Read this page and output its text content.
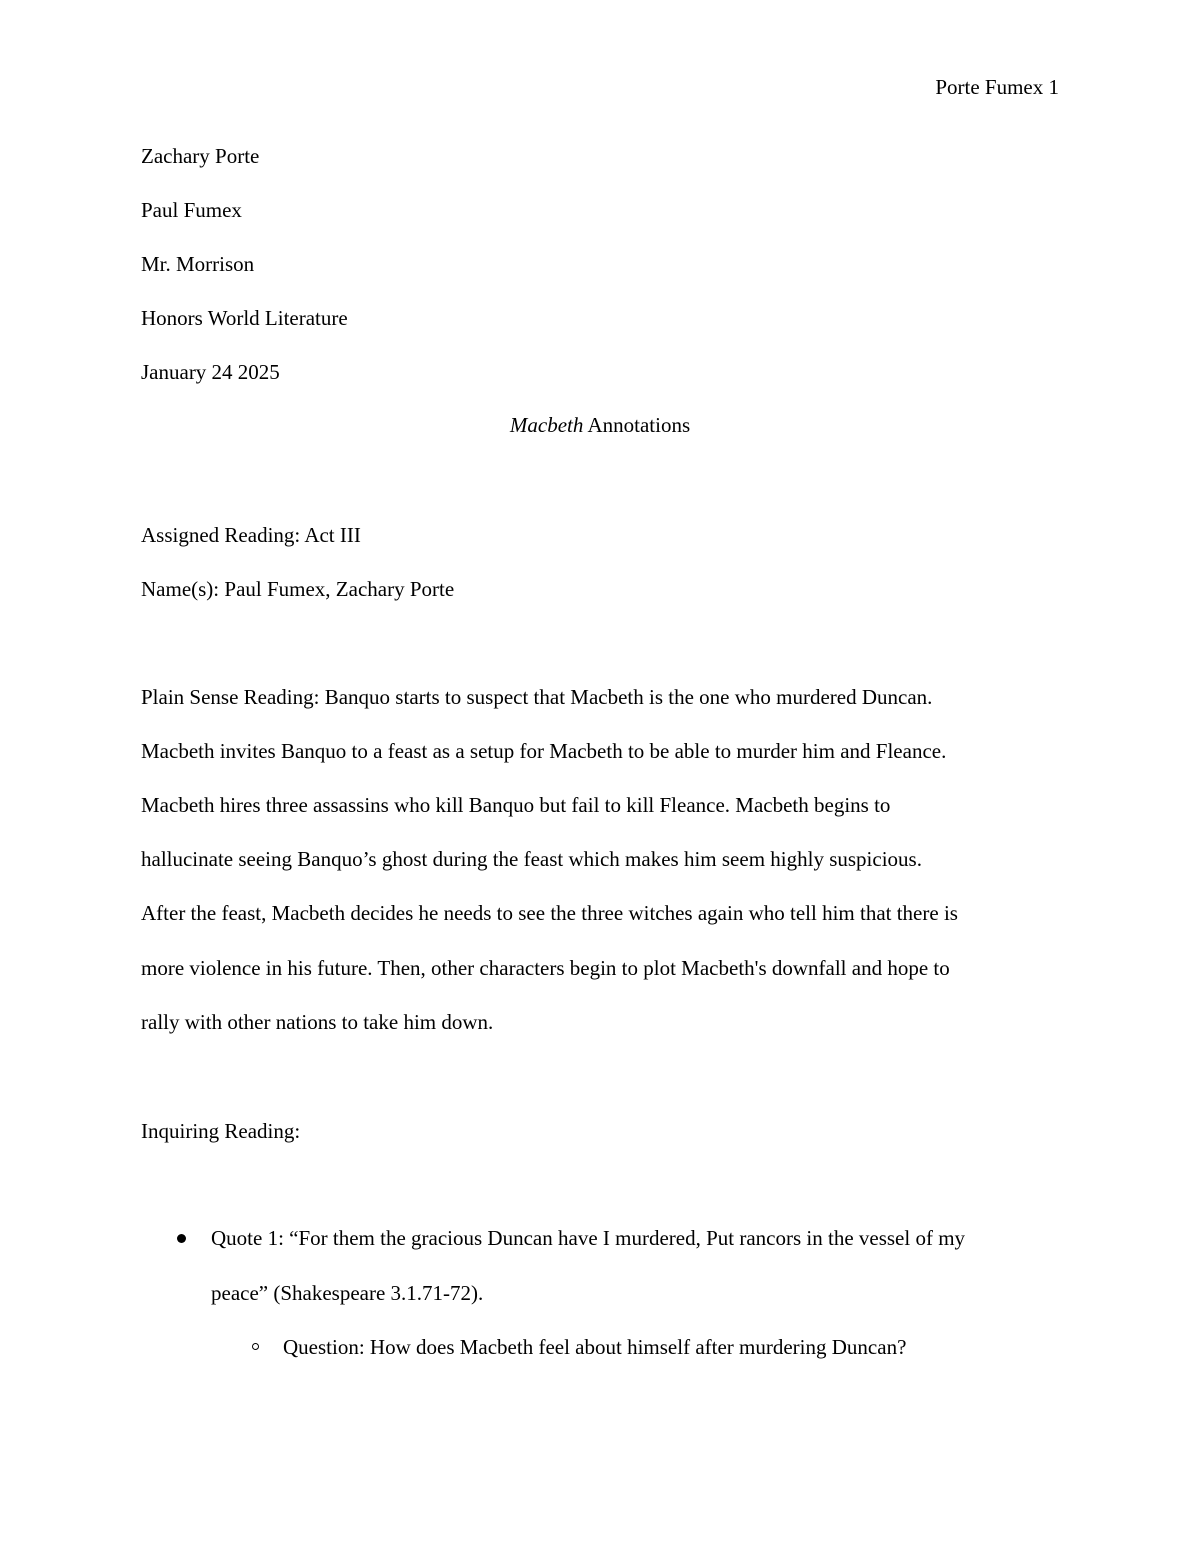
Porte Fumex 1
Zachary Porte
Paul Fumex
Mr. Morrison
Honors World Literature
January 24 2025
Macbeth Annotations
Assigned Reading: Act III
Name(s): Paul Fumex, Zachary Porte
Plain Sense Reading: Banquo starts to suspect that Macbeth is the one who murdered Duncan.
Macbeth invites Banquo to a feast as a setup for Macbeth to be able to murder him and Fleance.
Macbeth hires three assassins who kill Banquo but fail to kill Fleance. Macbeth begins to
hallucinate seeing Banquo’s ghost during the feast which makes him seem highly suspicious.
After the feast, Macbeth decides he needs to see the three witches again who tell him that there is
more violence in his future. Then, other characters begin to plot Macbeth's downfall and hope to
rally with other nations to take him down.
Inquiring Reading:
Quote 1: “For them the gracious Duncan have I murdered, Put rancors in the vessel of my
peace” (Shakespeare 3.1.71-72).
Question: How does Macbeth feel about himself after murdering Duncan?
